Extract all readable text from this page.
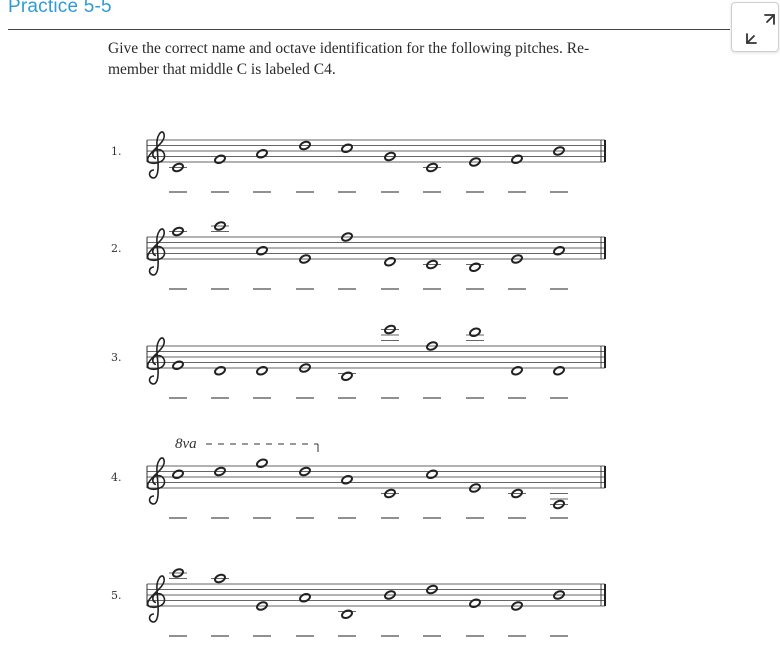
Practice 5-5
Give the correct name and octave identification for the following pitches. Re-
member that middle C is labeled C4.
1.
2.
3.
4.
8va
5.
